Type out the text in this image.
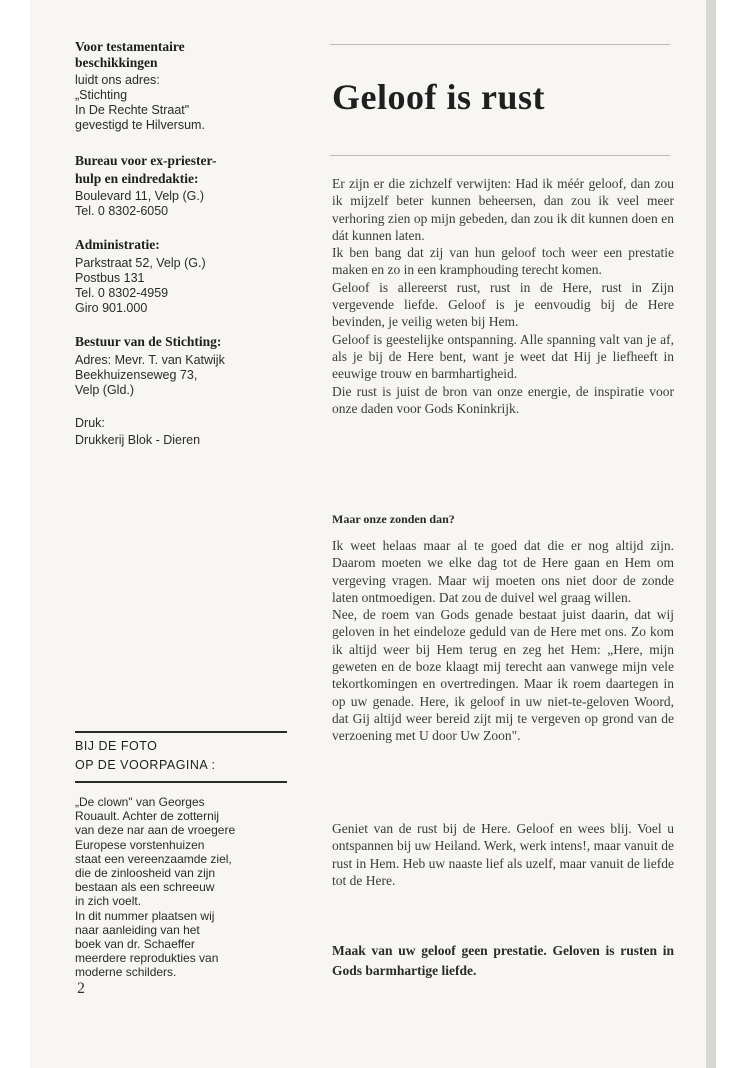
Voor testamentaire
beschikkingen
luidt ons adres:
„Stichting
In De Rechte Straat"
gevestigd te Hilversum.
Bureau voor ex-priester-
hulp en eindredaktie:
Boulevard 11, Velp (G.)
Tel. 0 8302-6050
Administratie:
Parkstraat 52, Velp (G.)
Postbus 131
Tel. 0 8302-4959
Giro 901.000
Bestuur van de Stichting:
Adres: Mevr. T. van Katwijk
Beekhuizenseweg 73,
Velp (Gld.)
Druk:
Drukkerij Blok - Dieren
BIJ DE FOTO
OP DE VOORPAGINA :
„De clown" van Georges
Rouault. Achter de zotternij
van deze nar aan de vroegere
Europese vorstenhuizen
staat een vereenzaamde ziel,
die de zinloosheid van zijn
bestaan als een schreeuw
in zich voelt.
In dit nummer plaatsen wij
naar aanleiding van het
boek van dr. Schaeffer
meerdere reprodukties van
moderne schilders.
2
Geloof is rust

Er zijn er die zichzelf verwijten: Had ik méér geloof, dan zou ik mijzelf beter kunnen beheersen, dan zou ik veel meer verhoring zien op mijn gebeden, dan zou ik dit kunnen doen en dát kunnen laten.

Ik ben bang dat zij van hun geloof toch weer een prestatie maken en zo in een kramphouding terecht komen.

Geloof is allereerst rust, rust in de Here, rust in Zijn vergevende liefde. Geloof is je eenvoudig bij de Here bevinden, je veilig weten bij Hem.

Geloof is geestelijke ontspanning. Alle spanning valt van je af, als je bij de Here bent, want je weet dat Hij je liefheeft in eeuwige trouw en barmhartigheid.

Die rust is juist de bron van onze energie, de inspiratie voor onze daden voor Gods Koninkrijk.

Maar onze zonden dan?

Ik weet helaas maar al te goed dat die er nog altijd zijn. Daarom moeten we elke dag tot de Here gaan en Hem om vergeving vragen. Maar wij moeten ons niet door de zonde laten ontmoedigen. Dat zou de duivel wel graag willen.

Nee, de roem van Gods genade bestaat juist daarin, dat wij geloven in het eindeloze geduld van de Here met ons. Zo kom ik altijd weer bij Hem terug en zeg het Hem: „Here, mijn geweten en de boze klaagt mij terecht aan vanwege mijn vele tekortkomingen en overtredingen. Maar ik roem daartegen in op uw genade. Here, ik geloof in uw niet-te-geloven Woord, dat Gij altijd weer bereid zijt mij te vergeven op grond van de verzoening met U door Uw Zoon".

Geniet van de rust bij de Here. Geloof en wees blij. Voel u ontspannen bij uw Heiland. Werk, werk intens!, maar vanuit de rust in Hem. Heb uw naaste lief als uzelf, maar vanuit de liefde tot de Here.

Maak van uw geloof geen prestatie. Geloven is rusten in Gods barmhartige liefde.
